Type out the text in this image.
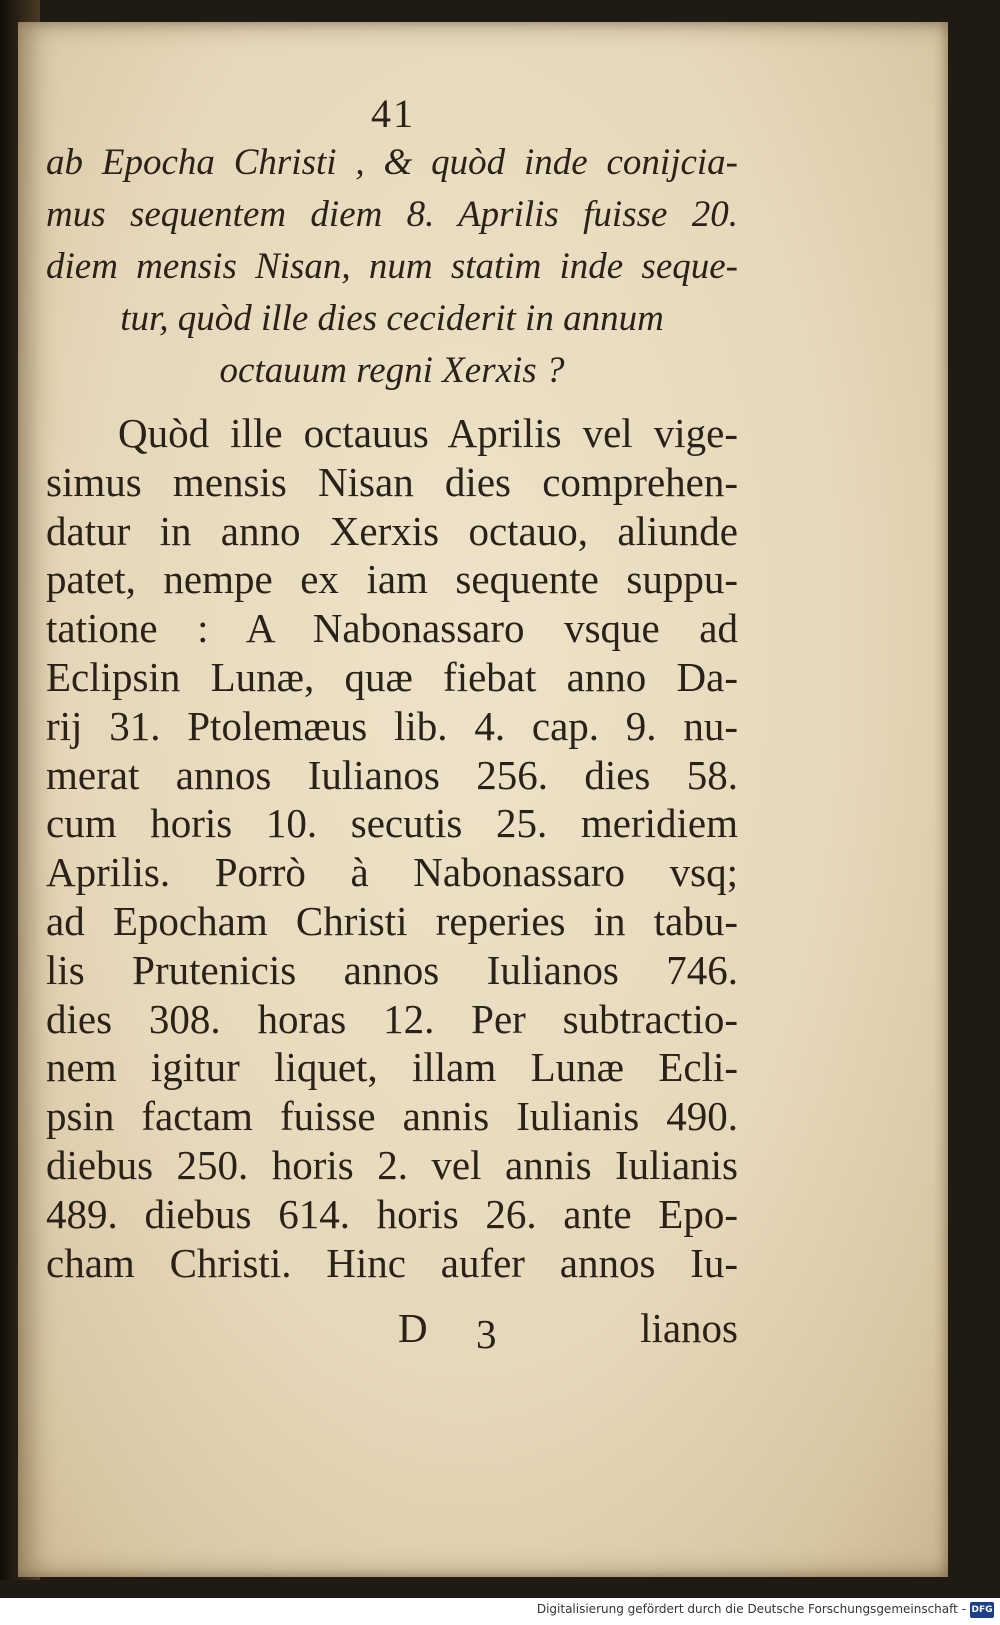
41
ab Epocha Christi , & quòd inde conijcia-
mus sequentem diem 8. Aprilis fuisse 20.
diem mensis Nisan, num statim inde seque-
tur, quòd ille dies ceciderit in annum
octauum regni Xerxis ?
Quòd ille octauus Aprilis vel vige-
simus mensis Nisan dies comprehen-
datur in anno Xerxis octauo, aliunde
patet, nempe ex iam sequente suppu-
tatione : A Nabonassaro vsque ad
Eclipsin Lunæ, quæ fiebat anno Da-
rij 31. Ptolemæus lib. 4. cap. 9. nu-
merat annos Iulianos 256. dies 58.
cum horis 10. secutis 25. meridiem
Aprilis. Porrò à Nabonassaro vsq;
ad Epocham Christi reperies in tabu-
lis Prutenicis annos Iulianos 746.
dies 308. horas 12. Per subtractio-
nem igitur liquet, illam Lunæ Ecli-
psin factam fuisse annis Iulianis 490.
diebus 250. horis 2. vel annis Iulianis
489. diebus 614. horis 26. ante Epo-
cham Christi. Hinc aufer annos Iu-
D 3	lianos
Digitalisierung gefördert durch die Deutsche Forschungsgemeinschaft - DFG
